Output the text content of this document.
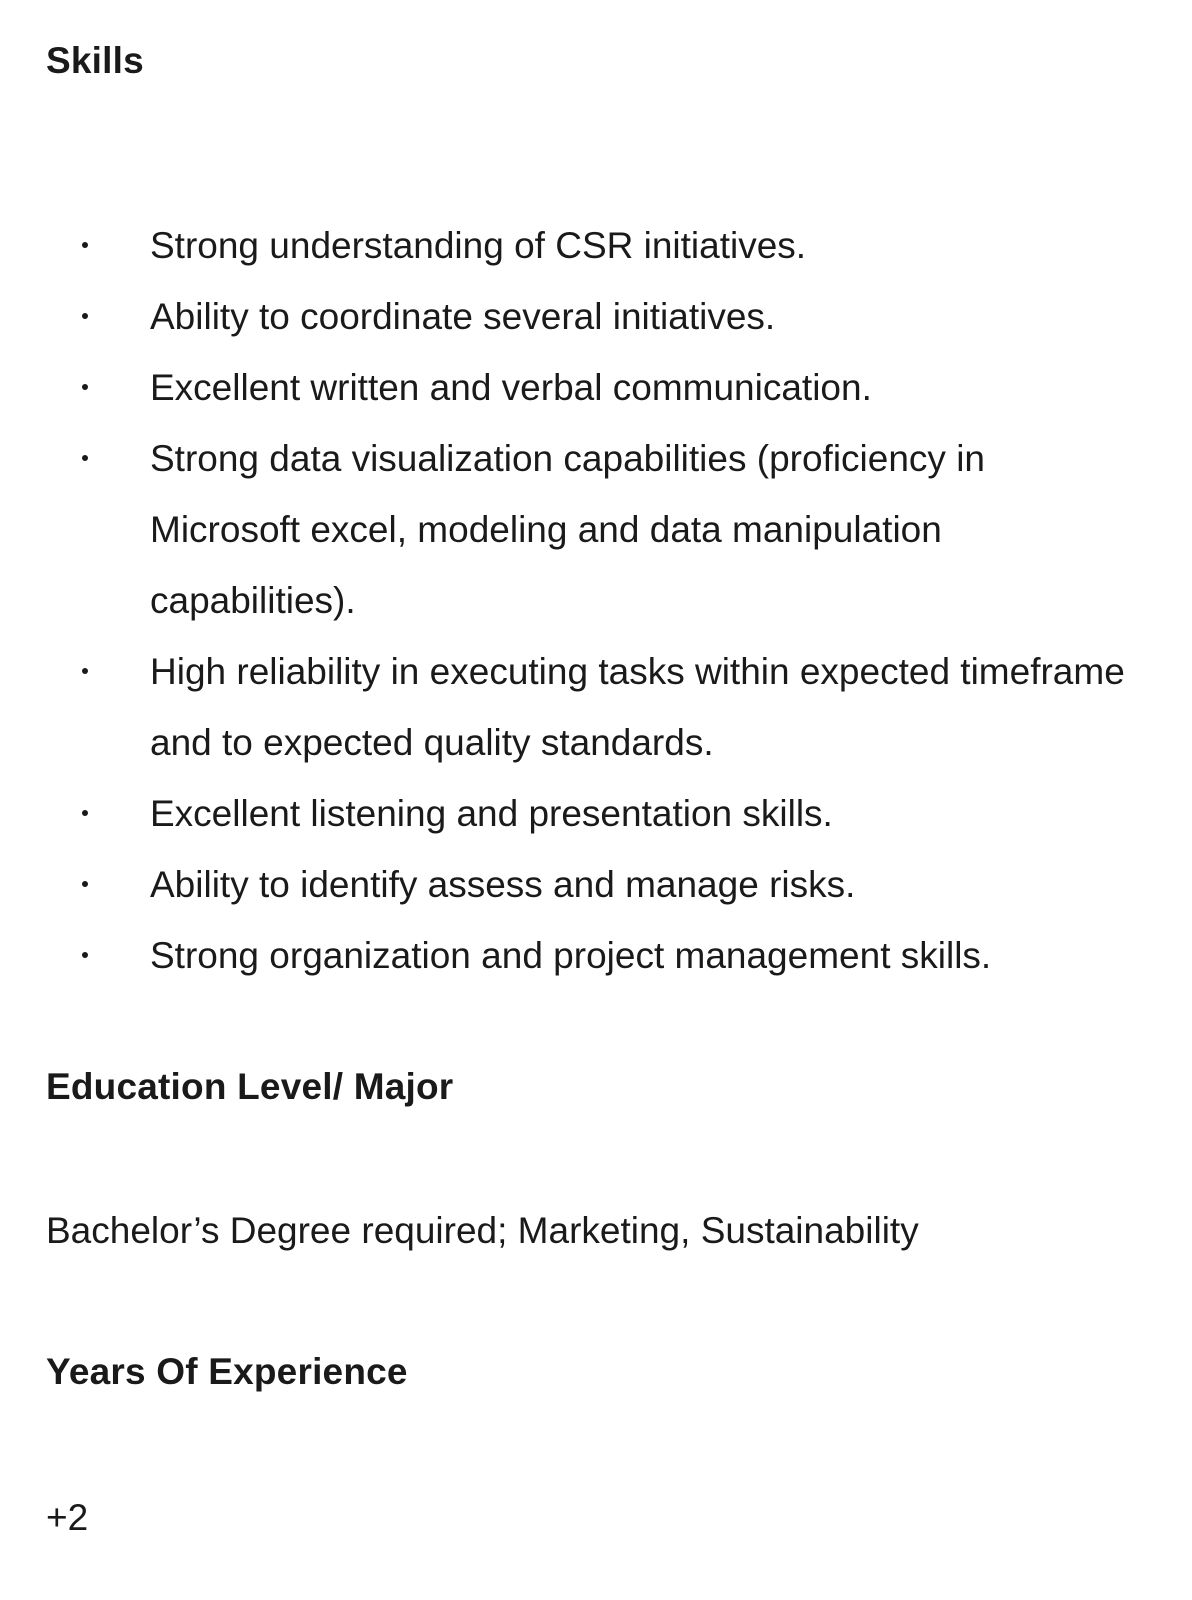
Skills
Strong understanding of CSR initiatives.
Ability to coordinate several initiatives.
Excellent written and verbal communication.
Strong data visualization capabilities (proficiency in Microsoft excel, modeling and data manipulation capabilities).
High reliability in executing tasks within expected timeframe and to expected quality standards.
Excellent listening and presentation skills.
Ability to identify assess and manage risks.
Strong organization and project management skills.
Education Level/ Major

Bachelor’s Degree required; Marketing, Sustainability

Years Of Experience

+2
